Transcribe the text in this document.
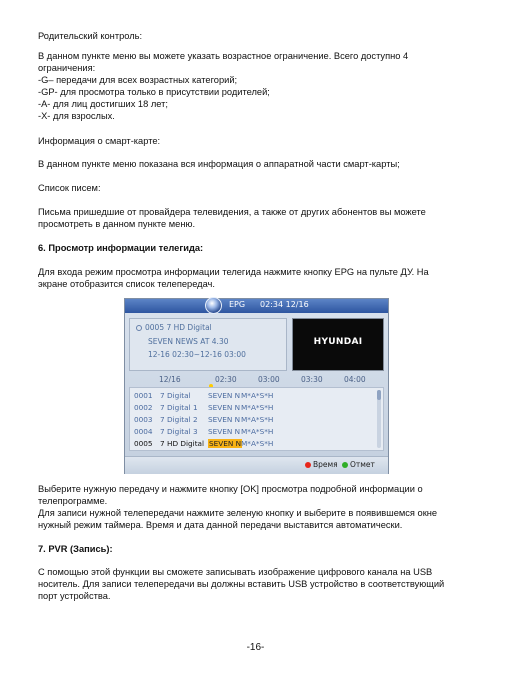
Родительский контроль:
В данном пункте меню вы можете указать возрастное ограничение. Всего доступно 4
ограничения:
-G– передачи для всех возрастных категорий;
-GP- для просмотра только в присутствии родителей;
-A- для лиц достигших 18 лет;
-X- для взрослых.
Информация о смарт-карте:
В данном пункте меню показана вся информация о аппаратной части смарт-карты;
Список писем:
Письма пришедшие от провайдера телевидения, а также от других абонентов вы можете
просмотреть в данном пункте меню.
6. Просмотр информации телегида:
Для входа режим просмотра информации телегида нажмите кнопку EPG на пульте ДУ. На
экране отобразится список телепередач.
EPG 02:34 12/16
0005 7 HD Digital
SEVEN NEWS AT 4.30
12-16 02:30~12-16 03:00
HYUNDAI
12/16	02:30	03:00	03:30	04:00
0001 7 Digital SEVEN N M*A*S*H
0002 7 Digital 1 SEVEN N M*A*S*H
0003 7 Digital 2 SEVEN N M*A*S*H
0004 7 Digital 3 SEVEN N M*A*S*H
0005 7 HD Digital SEVEN N M*A*S*H
Время	Отмет
Выберите нужную передачу и нажмите кнопку [OK] просмотра подробной информации о
телепрограмме.
Для записи нужной телепередачи нажмите зеленую кнопку и выберите в появившемся окне
нужный режим таймера. Время и дата данной передачи выставится автоматически.
7. PVR (Запись):
С помощью этой функции вы сможете записывать изображение цифрового канала на USB
носитель. Для записи телепередачи вы должны вставить USB устройство в соответствующий
порт устройства.
-16-
